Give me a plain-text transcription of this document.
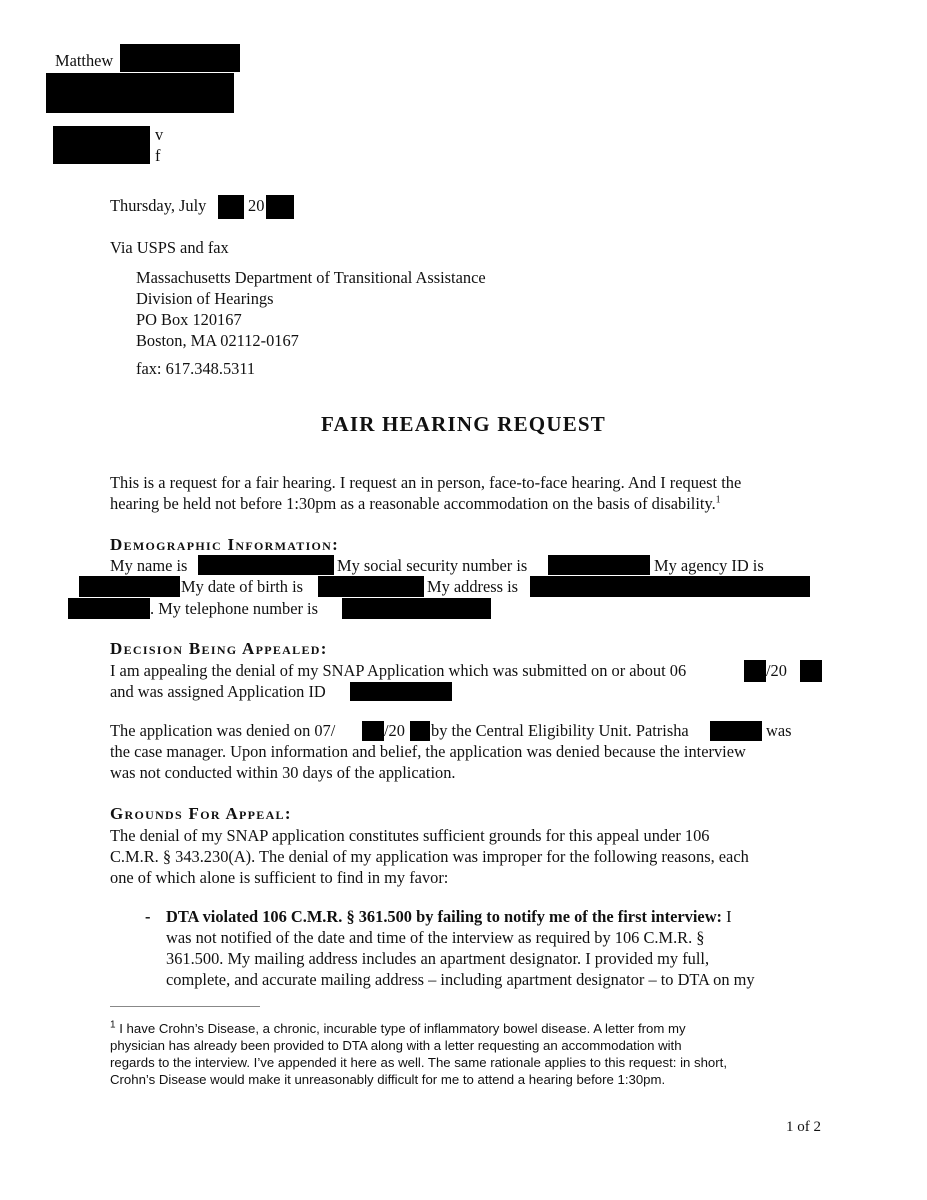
Matthew
v
f
Thursday, July	20
Via USPS and fax
Massachusetts Department of Transitional Assistance
Division of Hearings
PO Box 120167
Boston, MA 02112-0167
fax: 617.348.5311
FAIR HEARING REQUEST
This is a request for a fair hearing. I request an in person, face-to-face hearing. And I request the
hearing be held not before 1:30pm as a reasonable accommodation on the basis of disability.$^1$
Demographic Information:
My name is	My social security number is	My agency ID is
My date of birth is	My address is
. My telephone number is
Decision Being Appealed:
I am appealing the denial of my SNAP Application which was submitted on or about 06	/20
and was assigned Application ID
The application was denied on 07/	/20 by the Central Eligibility Unit. Patrisha	was
the case manager. Upon information and belief, the application was denied because the interview
was not conducted within 30 days of the application.
Grounds For Appeal:
The denial of my SNAP application constitutes sufficient grounds for this appeal under 106
C.M.R. § 343.230(A). The denial of my application was improper for the following reasons, each
one of which alone is sufficient to find in my favor:
- DTA violated 106 C.M.R. § 361.500 by failing to notify me of the first interview: I
was not notified of the date and time of the interview as required by 106 C.M.R. §
361.500. My mailing address includes an apartment designator. I provided my full,
complete, and accurate mailing address – including apartment designator – to DTA on my
$^1$ I have Crohn’s Disease, a chronic, incurable type of inflammatory bowel disease. A letter from my
physician has already been provided to DTA along with a letter requesting an accommodation with
regards to the interview. I’ve appended it here as well. The same rationale applies to this request: in short,
Crohn’s Disease would make it unreasonably difficult for me to attend a hearing before 1:30pm.
1 of 2
